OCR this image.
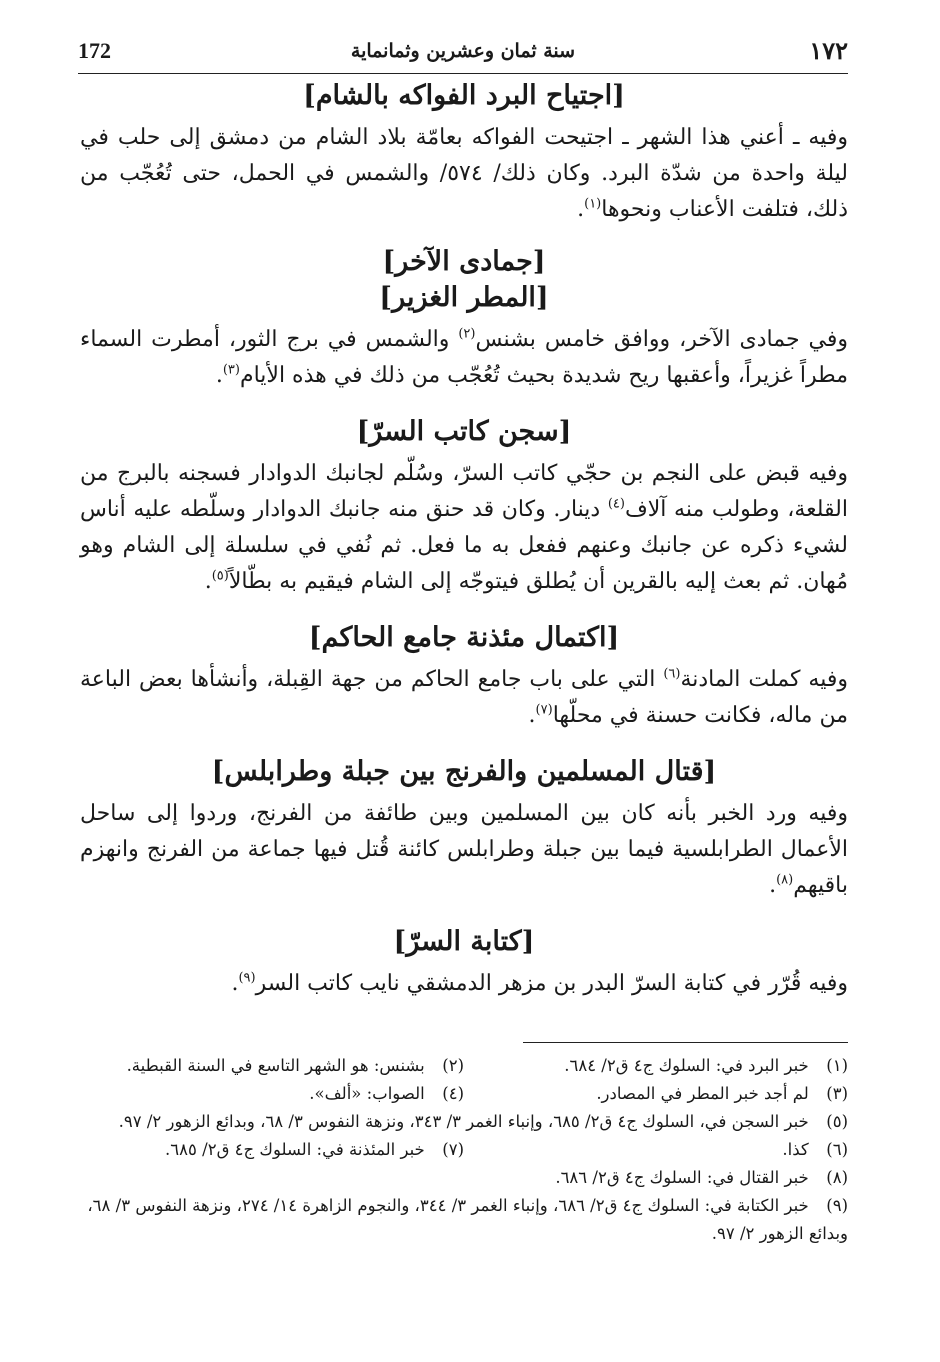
172	سنة ثمان وعشرين وثمانماية	١٧٢
[اجتياح البرد الفواكه بالشام]

وفيه ـ أعني هذا الشهر ـ اجتيحت الفواكه بعامّة بلاد الشام من دمشق إلى حلب في ليلة واحدة من شدّة البرد. وكان ذلك/ ٥٧٤/ والشمس في الحمل، حتى تُعُجّب من ذلك، فتلفت الأعناب ونحوها$^{(١)}$.

[جمادى الآخر]
[المطر الغزير]

وفي جمادى الآخر، ووافق خامس بشنس$^{(٢)}$ والشمس في برج الثور، أمطرت السماء مطراً غزيراً، وأعقبها ريح شديدة بحيث تُعُجّب من ذلك في هذه الأيام$^{(٣)}$.

[سجن كاتب السرّ]

وفيه قبض على النجم بن حجّي كاتب السرّ، وسُلّم لجانبك الدوادار فسجنه بالبرج من القلعة، وطولب منه آلاف$^{(٤)}$ دينار. وكان قد حنق منه جانبك الدوادار وسلّطه عليه أناس لشيء ذكره عن جانبك وعنهم ففعل به ما فعل. ثم نُفي في سلسلة إلى الشام وهو مُهان. ثم بعث إليه بالقرين أن يُطلق فيتوجّه إلى الشام فيقيم به بطّالاً$^{(٥)}$.

[اكتمال مئذنة جامع الحاكم]

وفيه كملت المادنة$^{(٦)}$ التي على باب جامع الحاكم من جهة القِبلة، وأنشأها بعض الباعة من ماله، فكانت حسنة في محلّها$^{(٧)}$.

[قتال المسلمين والفرنج بين جبلة وطرابلس]

وفيه ورد الخبر بأنه كان بين المسلمين وبين طائفة من الفرنج، وردوا إلى ساحل الأعمال الطرابلسية فيما بين جبلة وطرابلس كائنة قُتل فيها جماعة من الفرنج وانهزم باقيهم$^{(٨)}$.

[كتابة السرّ]

وفيه قُرّر في كتابة السرّ البدر بن مزهر الدمشقي نايب كاتب السر$^{(٩)}$.

(١) خبر البرد في: السلوك ج٤ ق٢/ ٦٨٤.
(٢) بشنس: هو الشهر التاسع في السنة القبطية.
(٣) لم أجد خبر المطر في المصادر.
(٤) الصواب: «ألف».
(٥) خبر السجن في، السلوك ج٤ ق٢/ ٦٨٥، وإنباء الغمر ٣/ ٣٤٣، ونزهة النفوس ٣/ ٦٨، وبدائع الزهور ٢/ ٩٧.
(٦) كذا.
(٧) خبر المئذنة في: السلوك ج٤ ق٢/ ٦٨٥.
(٨) خبر القتال في: السلوك ج٤ ق٢/ ٦٨٦.
(٩) خبر الكتابة في: السلوك ج٤ ق٢/ ٦٨٦، وإنباء الغمر ٣/ ٣٤٤، والنجوم الزاهرة ١٤/ ٢٧٤، ونزهة النفوس ٣/ ٦٨، وبدائع الزهور ٢/ ٩٧.
